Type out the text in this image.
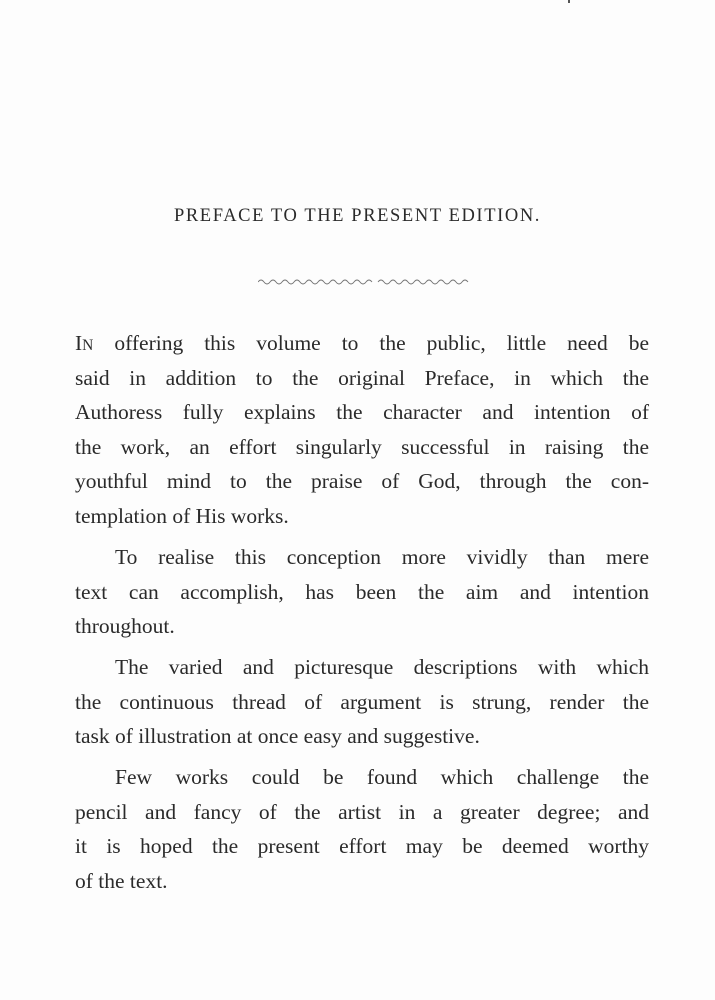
PREFACE TO THE PRESENT EDITION.
IN offering this volume to the public, little need be
said in addition to the original Preface, in which the
Authoress fully explains the character and intention of
the work, an effort singularly successful in raising the
youthful mind to the praise of God, through the con-
templation of His works.
To realise this conception more vividly than mere
text can accomplish, has been the aim and intention
throughout.
The varied and picturesque descriptions with which
the continuous thread of argument is strung, render the
task of illustration at once easy and suggestive.
Few works could be found which challenge the
pencil and fancy of the artist in a greater degree; and
it is hoped the present effort may be deemed worthy
of the text.
